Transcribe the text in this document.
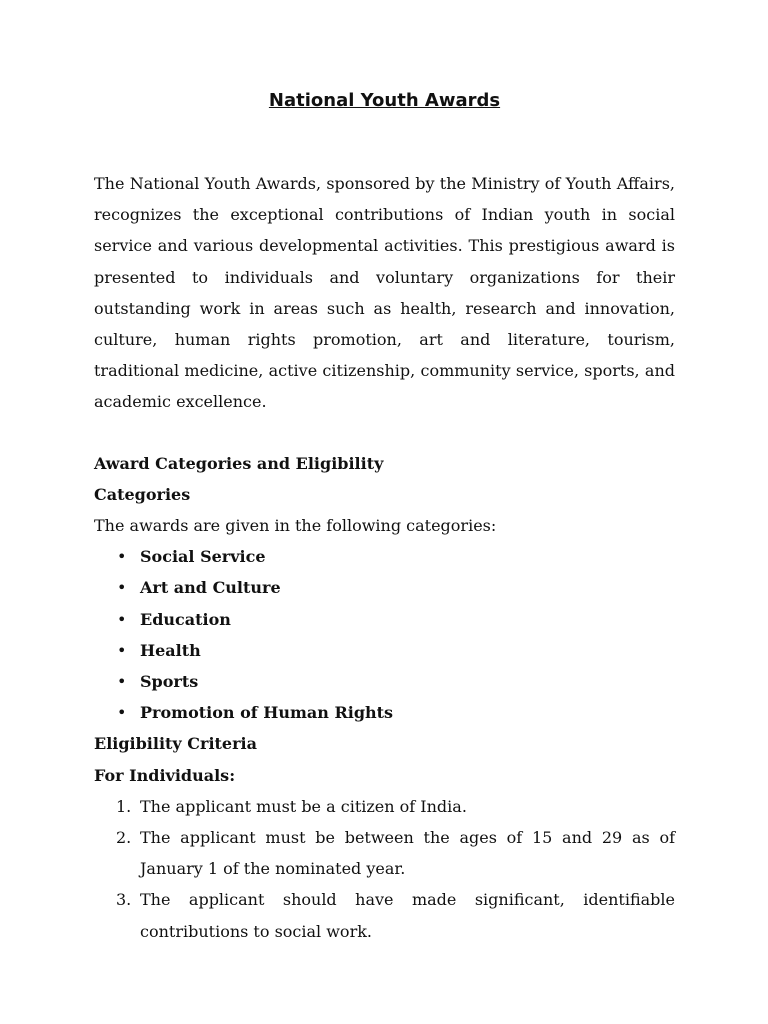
National Youth Awards

The National Youth Awards, sponsored by the Ministry of Youth Affairs, recognizes the exceptional contributions of Indian youth in social service and various developmental activities. This prestigious award is presented to individuals and voluntary organizations for their outstanding work in areas such as health, research and innovation, culture, human rights promotion, art and literature, tourism, traditional medicine, active citizenship, community service, sports, and academic excellence.

Award Categories and Eligibility

Categories

The awards are given in the following categories:

• Social Service
• Art and Culture
• Education
• Health
• Sports
• Promotion of Human Rights

Eligibility Criteria

For Individuals:

1. The applicant must be a citizen of India.
2. The applicant must be between the ages of 15 and 29 as of January 1 of the nominated year.
3. The applicant should have made significant, identifiable contributions to social work.
